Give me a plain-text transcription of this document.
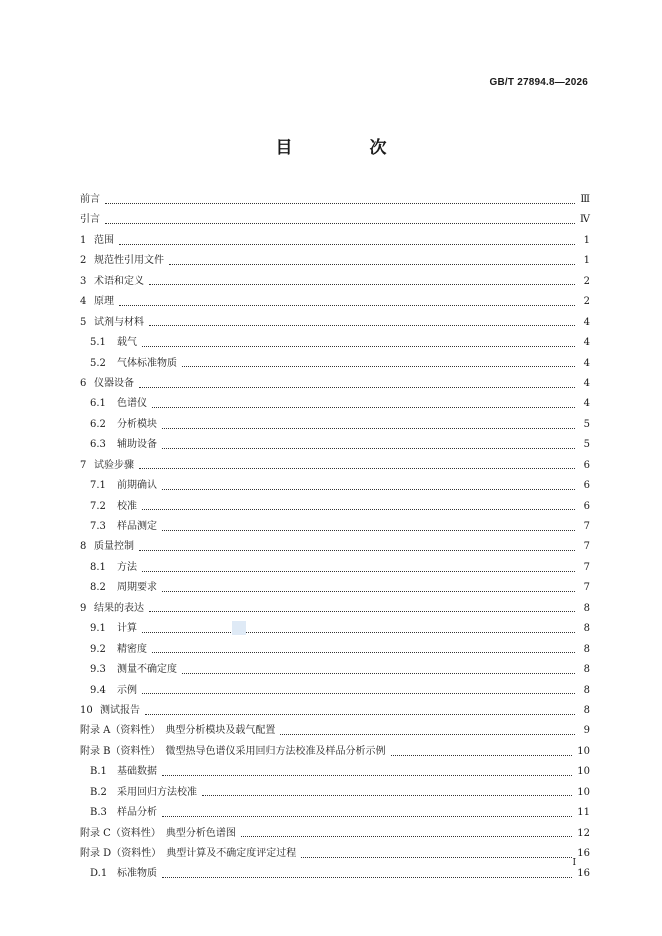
GB/T 27894.8—2026
目　次
前言	Ⅲ
引言	Ⅳ
1 范围	1
2 规范性引用文件	1
3 术语和定义	2
4 原理	2
5 试剂与材料	4
5.1	载气	4
5.2	气体标准物质	4
6 仪器设备	4
6.1	色谱仪	4
6.2	分析模块	5
6.3	辅助设备	5
7 试验步骤	6
7.1	前期确认	6
7.2	校准	6
7.3	样品测定	7
8 质量控制	7
8.1	方法	7
8.2	周期要求	7
9 结果的表达	8
9.1	计算	8
9.2	精密度	8
9.3	测量不确定度	8
9.4	示例	8
10 测试报告	8
附录 A（资料性）　典型分析模块及载气配置	9
附录 B（资料性）　微型热导色谱仪采用回归方法校准及样品分析示例	10
B.1	基础数据	10
B.2	采用回归方法校准	10
B.3	样品分析	11
附录 C（资料性）　典型分析色谱图	12
附录 D（资料性）　典型计算及不确定度评定过程	16
D.1 标准物质	16
Ⅰ
